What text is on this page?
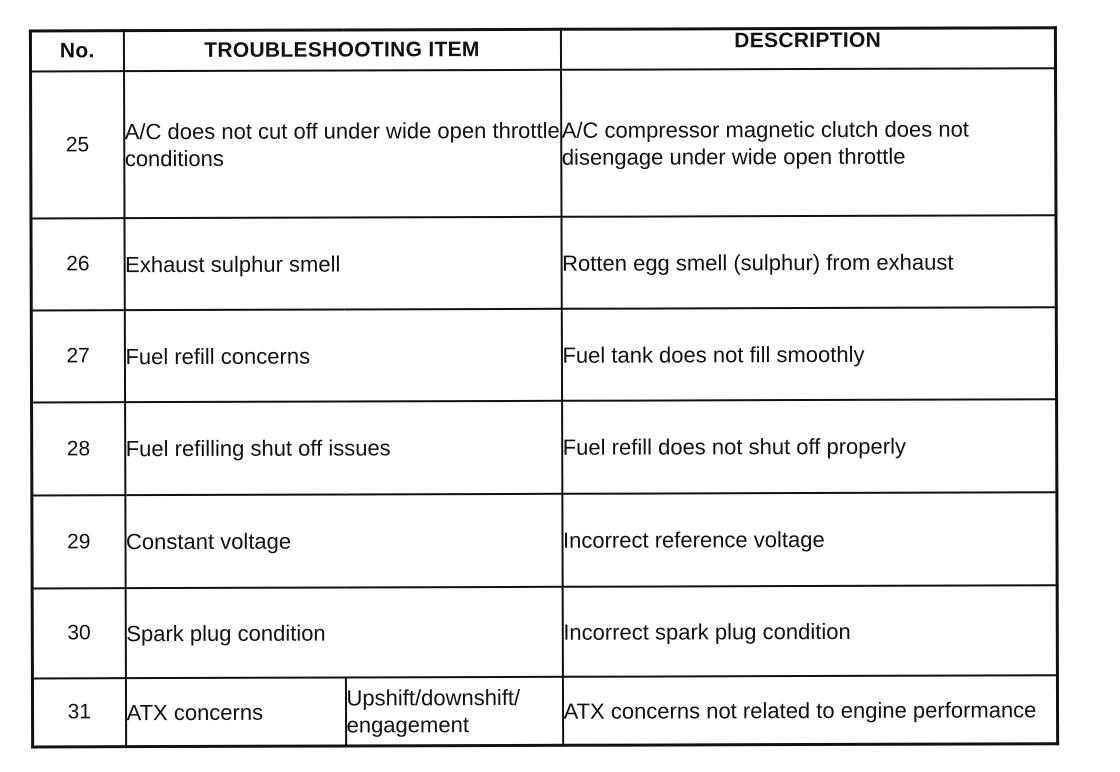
No.	TROUBLESHOOTING ITEM		DESCRIPTION
25	A/C does not cut off under wide open throttle conditions		A/C compressor magnetic clutch does not disengage under wide open throttle
26	Exhaust sulphur smell		Rotten egg smell (sulphur) from exhaust
27	Fuel refill concerns		Fuel tank does not fill smoothly
28	Fuel refilling shut off issues		Fuel refill does not shut off properly
29	Constant voltage		Incorrect reference voltage
30	Spark plug condition		Incorrect spark plug condition
31	ATX concerns	Upshift/downshift/ engagement	ATX concerns not related to engine performance
